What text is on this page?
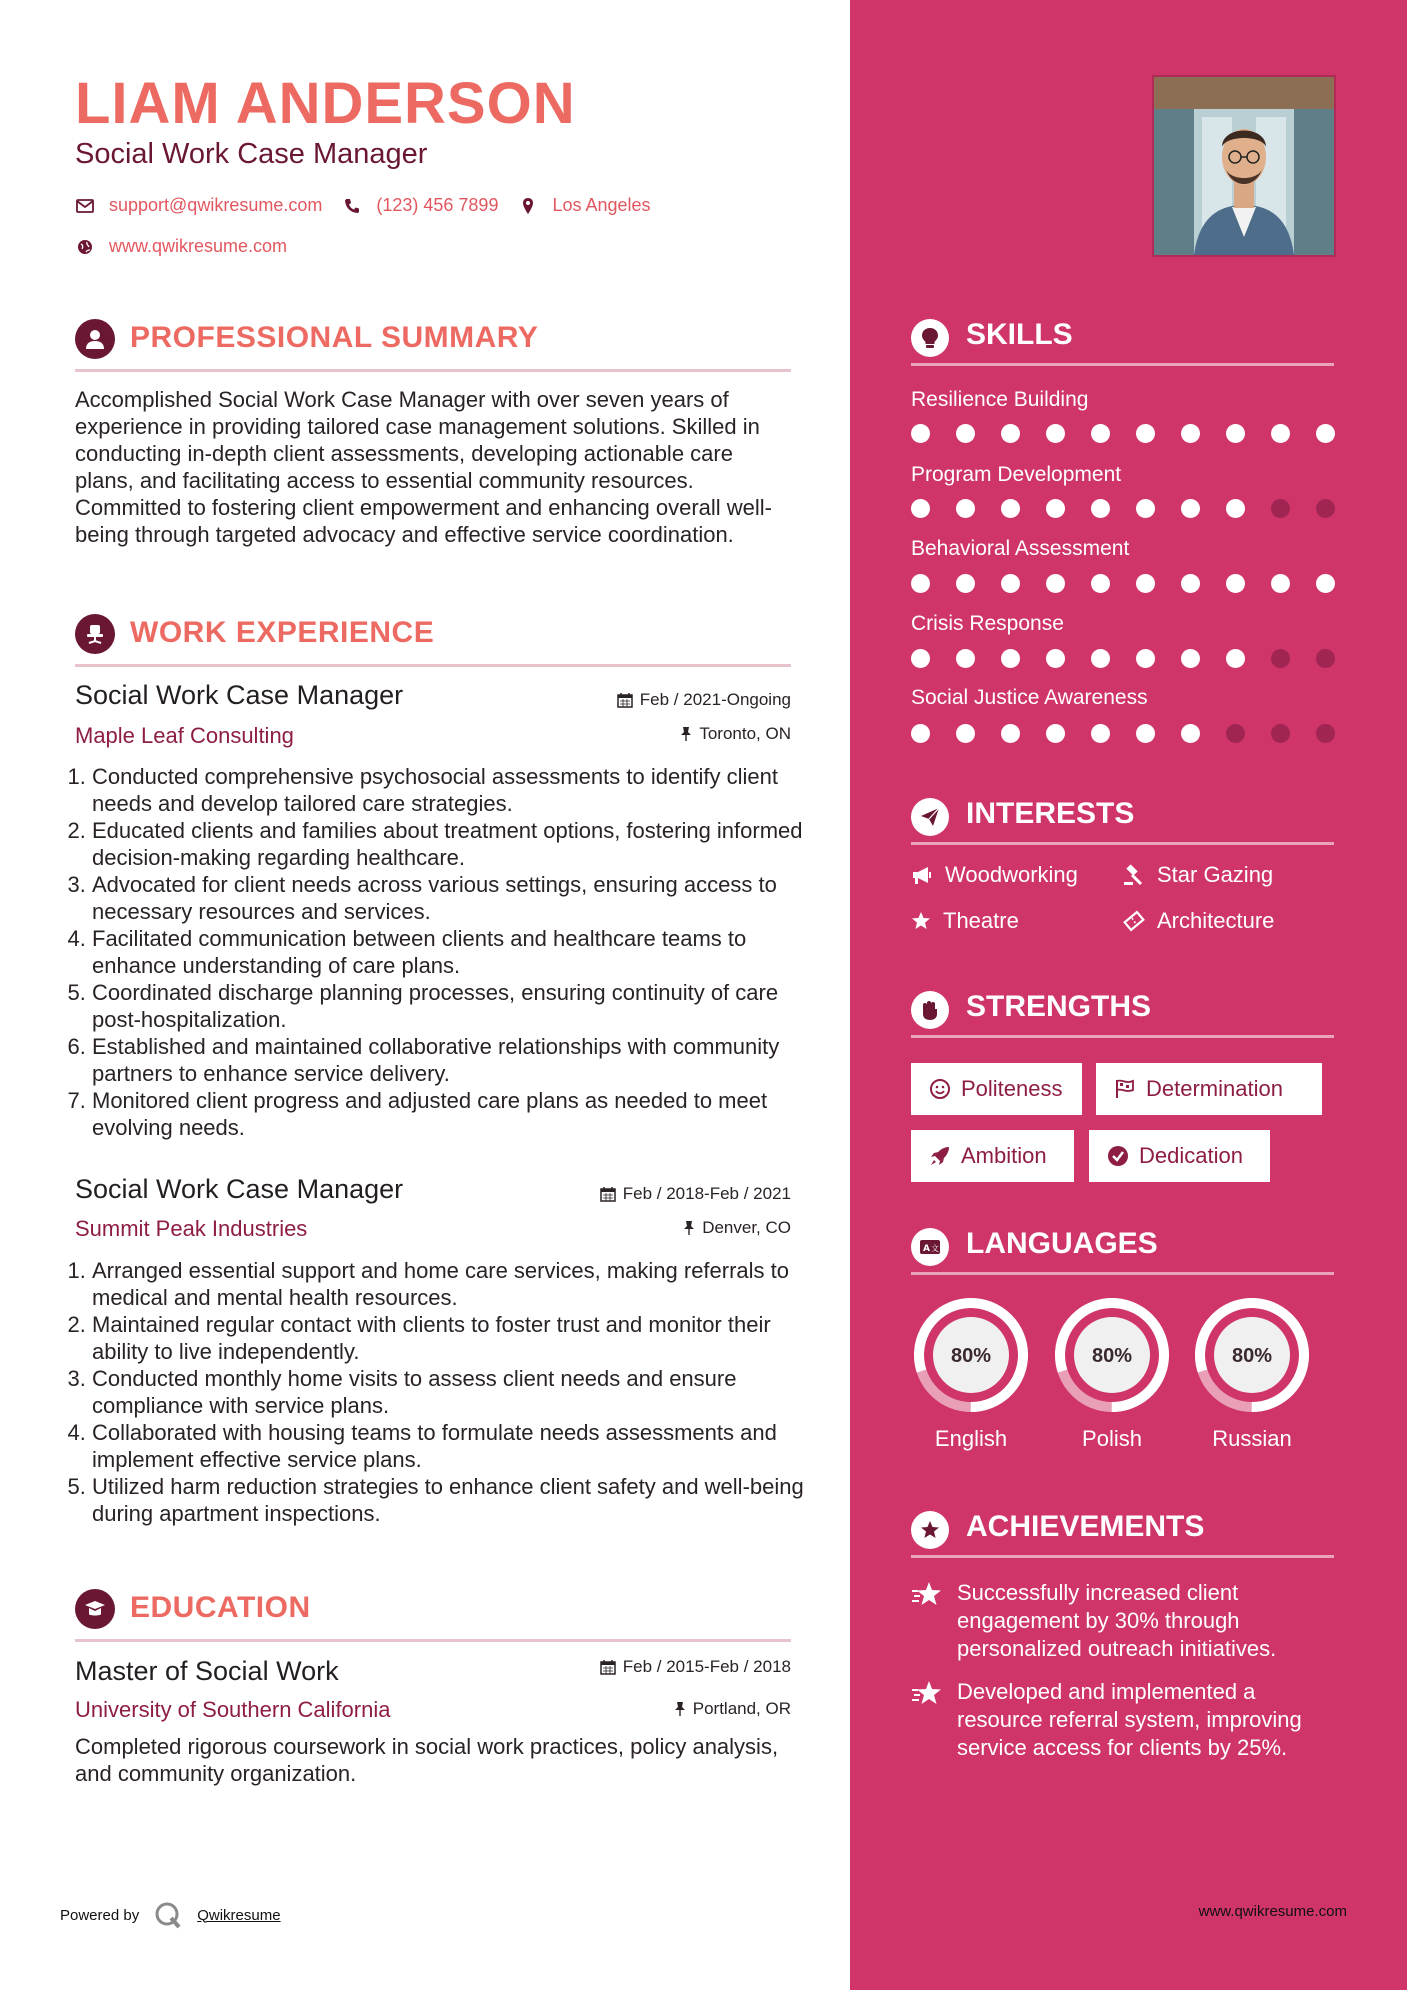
LIAM ANDERSON
Social Work Case Manager
support@qwikresume.com	(123) 456 7899	Los Angeles
www.qwikresume.com
PROFESSIONAL SUMMARY
Accomplished Social Work Case Manager with over seven years of experience in providing tailored case management solutions. Skilled in conducting in-depth client assessments, developing actionable care plans, and facilitating access to essential community resources. Committed to fostering client empowerment and enhancing overall well-being through targeted advocacy and effective service coordination.
WORK EXPERIENCE
Social Work Case Manager	Feb / 2021-Ongoing
Maple Leaf Consulting	Toronto, ON
1. Conducted comprehensive psychosocial assessments to identify client needs and develop tailored care strategies.
2. Educated clients and families about treatment options, fostering informed decision-making regarding healthcare.
3. Advocated for client needs across various settings, ensuring access to necessary resources and services.
4. Facilitated communication between clients and healthcare teams to enhance understanding of care plans.
5. Coordinated discharge planning processes, ensuring continuity of care post-hospitalization.
6. Established and maintained collaborative relationships with community partners to enhance service delivery.
7. Monitored client progress and adjusted care plans as needed to meet evolving needs.
Social Work Case Manager	Feb / 2018-Feb / 2021
Summit Peak Industries	Denver, CO
1. Arranged essential support and home care services, making referrals to medical and mental health resources.
2. Maintained regular contact with clients to foster trust and monitor their ability to live independently.
3. Conducted monthly home visits to assess client needs and ensure compliance with service plans.
4. Collaborated with housing teams to formulate needs assessments and implement effective service plans.
5. Utilized harm reduction strategies to enhance client safety and well-being during apartment inspections.
EDUCATION
Master of Social Work	Feb / 2015-Feb / 2018
University of Southern California	Portland, OR
Completed rigorous coursework in social work practices, policy analysis, and community organization.
Powered by	Qwikresume
SKILLS
Resilience Building
Program Development
Behavioral Assessment
Crisis Response
Social Justice Awareness
INTERESTS
Woodworking	Star Gazing
Theatre	Architecture
STRENGTHS
Politeness	Determination
Ambition	Dedication
A 文 LANGUAGES
80%
English
80%
Polish
80%
Russian
ACHIEVEMENTS
Successfully increased client engagement by 30% through personalized outreach initiatives.
Developed and implemented a resource referral system, improving service access for clients by 25%.
www.qwikresume.com
